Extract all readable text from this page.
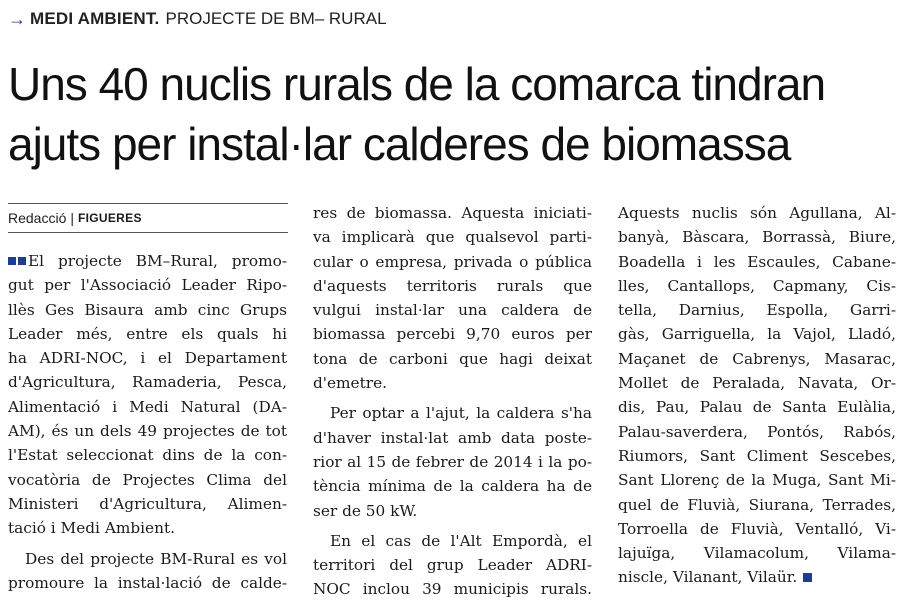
→ MEDI AMBIENT. PROJECTE DE BM– RURAL
Uns 40 nuclis rurals de la comarca tindran
ajuts per instal·lar calderes de biomassa
Redacció | FIGUERES
El projecte BM–Rural, promo-
gut per l'Associació Leader Ripo-
llès Ges Bisaura amb cinc Grups
Leader més, entre els quals hi
ha ADRI-NOC, i el Departament
d'Agricultura, Ramaderia, Pesca,
Alimentació i Medi Natural (DA-
AM), és un dels 49 projectes de tot
l'Estat seleccionat dins de la con-
vocatòria de Projectes Clima del
Ministeri d'Agricultura, Alimen-
tació i Medi Ambient.
Des del projecte BM-Rural es vol
promoure la instal·lació de calde-
res de biomassa. Aquesta iniciati-
va implicarà que qualsevol parti-
cular o empresa, privada o pública
d'aquests territoris rurals que
vulgui instal·lar una caldera de
biomassa percebi 9,70 euros per
tona de carboni que hagi deixat
d'emetre.
Per optar a l'ajut, la caldera s'ha
d'haver instal·lat amb data poste-
rior al 15 de febrer de 2014 i la po-
tència mínima de la caldera ha de
ser de 50 kW.
En el cas de l'Alt Empordà, el
territori del grup Leader ADRI-
NOC inclou 39 municipis rurals.
Aquests nuclis són Agullana, Al-
banyà, Bàscara, Borrassà, Biure,
Boadella i les Escaules, Cabane-
lles, Cantallops, Capmany, Cis-
tella, Darnius, Espolla, Garri-
gàs, Garriguella, la Vajol, Lladó,
Maçanet de Cabrenys, Masarac,
Mollet de Peralada, Navata, Or-
dis, Pau, Palau de Santa Eulàlia,
Palau-saverdera, Pontós, Rabós,
Riumors, Sant Climent Sescebes,
Sant Llorenç de la Muga, Sant Mi-
quel de Fluvià, Siurana, Terrades,
Torroella de Fluvià, Ventalló, Vi-
lajuïga, Vilamacolum, Vilama-
niscle, Vilanant, Vilaür.
